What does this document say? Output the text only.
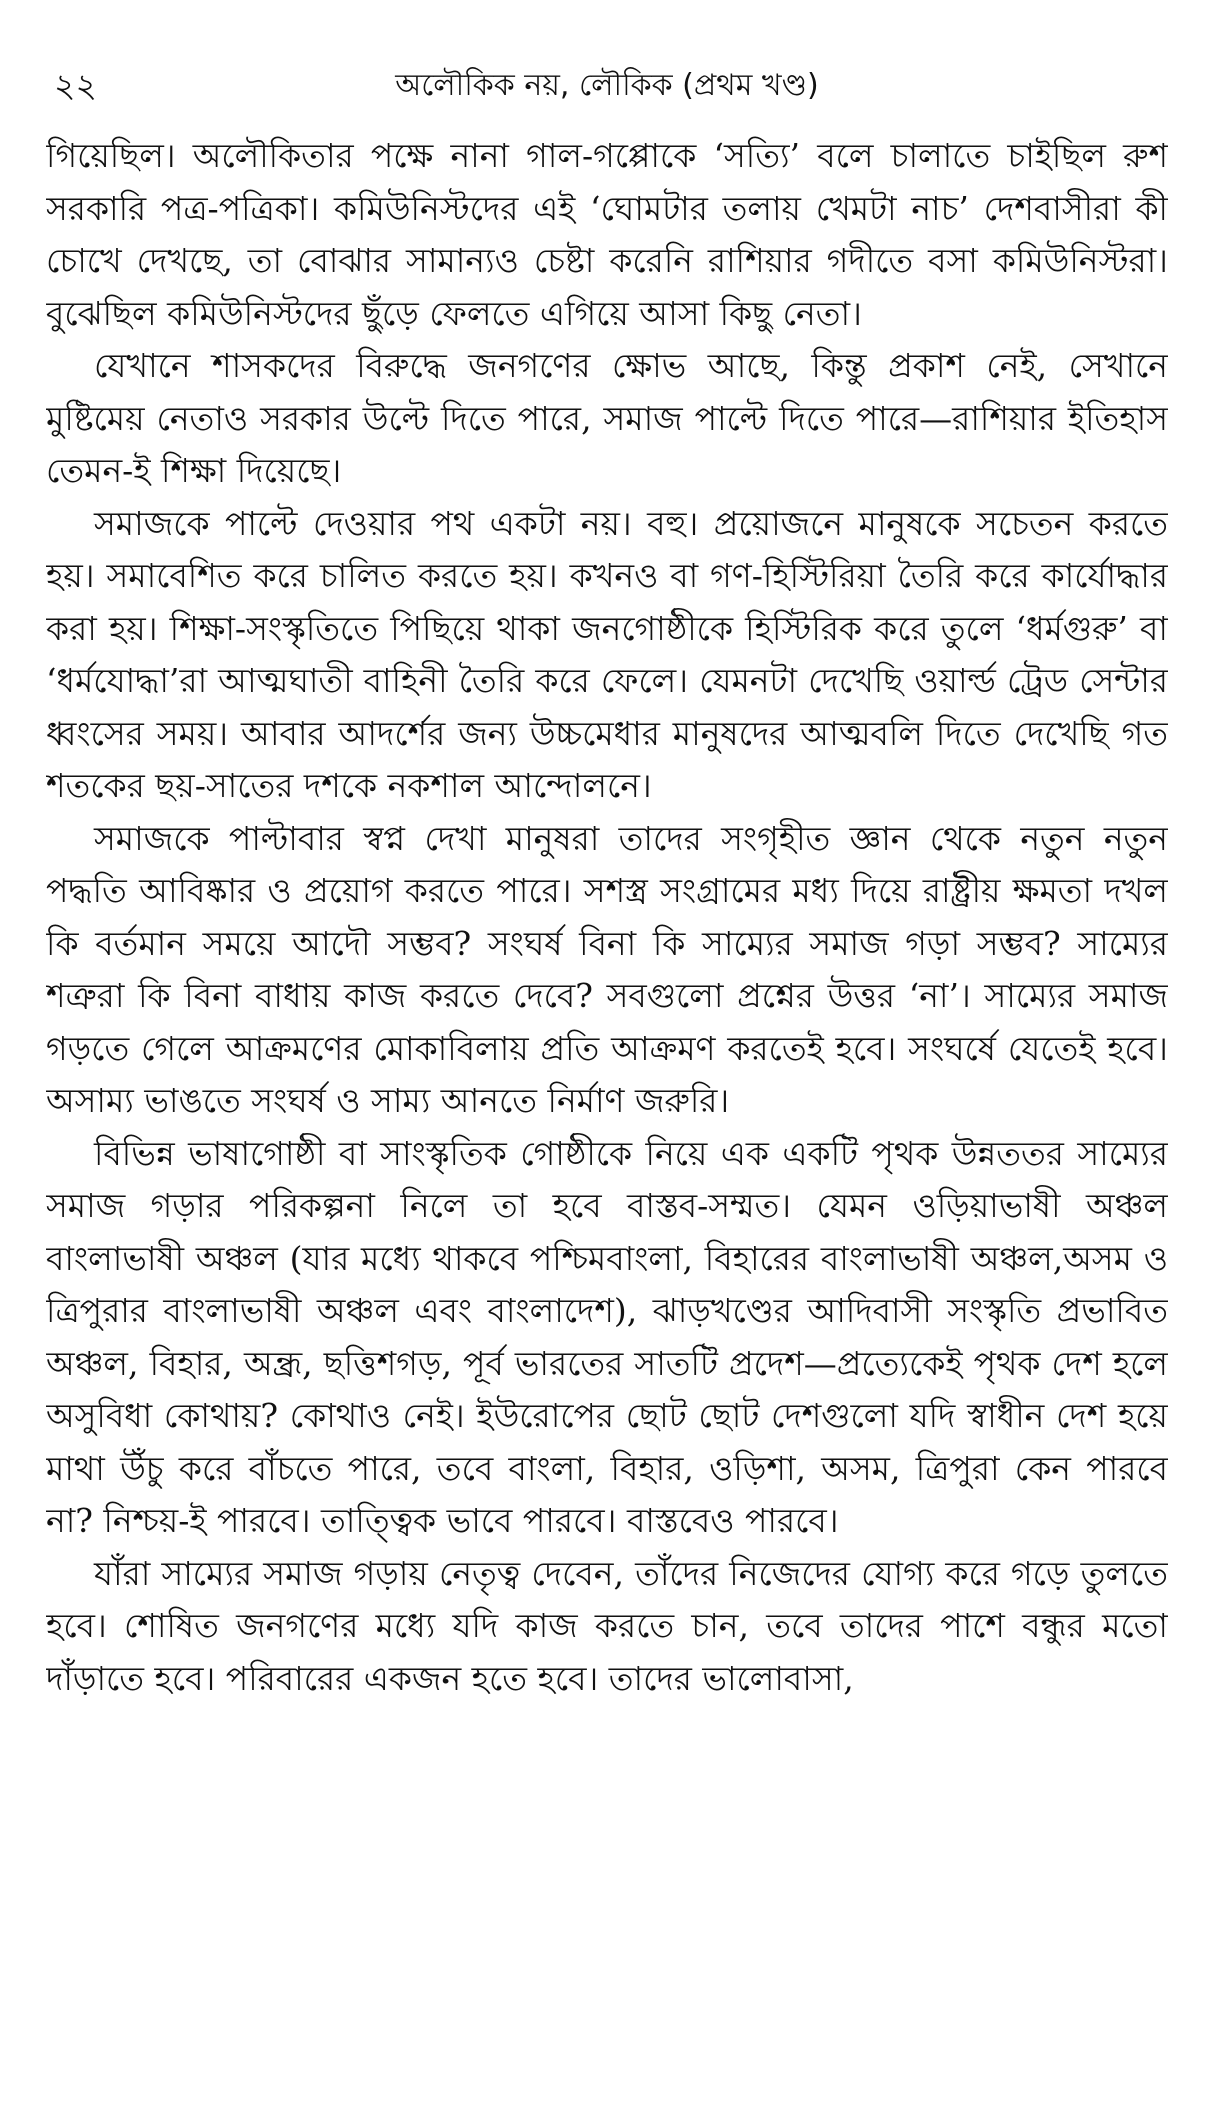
২২	অলৌকিক নয়, লৌকিক (প্রথম খণ্ড)

গিয়েছিল। অলৌকিতার পক্ষে নানা গাল-গপ্পোকে ‘সত্যি’ বলে চালাতে চাইছিল রুশ সরকারি পত্র-পত্রিকা। কমিউনিস্টদের এই ‘ঘোমটার তলায় খেমটা নাচ’ দেশবাসীরা কী চোখে দেখছে, তা বোঝার সামান্যও চেষ্টা করেনি রাশিয়ার গদীতে বসা কমিউনিস্টরা। বুঝেছিল কমিউনিস্টদের ছুঁড়ে ফেলতে এগিয়ে আসা কিছু নেতা।

যেখানে শাসকদের বিরুদ্ধে জনগণের ক্ষোভ আছে, কিন্তু প্রকাশ নেই, সেখানে মুষ্টিমেয় নেতাও সরকার উল্টে দিতে পারে, সমাজ পাল্টে দিতে পারে—রাশিয়ার ইতিহাস তেমন-ই শিক্ষা দিয়েছে।

সমাজকে পাল্টে দেওয়ার পথ একটা নয়। বহু। প্রয়োজনে মানুষকে সচেতন করতে হয়। সমাবেশিত করে চালিত করতে হয়। কখনও বা গণ-হিস্টিরিয়া তৈরি করে কার্যোদ্ধার করা হয়। শিক্ষা-সংস্কৃতিতে পিছিয়ে থাকা জনগোষ্ঠীকে হিস্টিরিক করে তুলে ‘ধর্মগুরু’ বা ‘ধর্মযোদ্ধা’রা আত্মঘাতী বাহিনী তৈরি করে ফেলে। যেমনটা দেখেছি ওয়ার্ল্ড ট্রেড সেন্টার ধ্বংসের সময়। আবার আদর্শের জন্য উচ্চমেধার মানুষদের আত্মবলি দিতে দেখেছি গত শতকের ছয়-সাতের দশকে নকশাল আন্দোলনে।

সমাজকে পাল্টাবার স্বপ্ন দেখা মানুষরা তাদের সংগৃহীত জ্ঞান থেকে নতুন নতুন পদ্ধতি আবিষ্কার ও প্রয়োগ করতে পারে। সশস্ত্র সংগ্রামের মধ্য দিয়ে রাষ্ট্রীয় ক্ষমতা দখল কি বর্তমান সময়ে আদৌ সম্ভব? সংঘর্ষ বিনা কি সাম্যের সমাজ গড়া সম্ভব? সাম্যের শত্রুরা কি বিনা বাধায় কাজ করতে দেবে? সবগুলো প্রশ্নের উত্তর ‘না’। সাম্যের সমাজ গড়তে গেলে আক্রমণের মোকাবিলায় প্রতি আক্রমণ করতেই হবে। সংঘর্ষে যেতেই হবে। অসাম্য ভাঙতে সংঘর্ষ ও সাম্য আনতে নির্মাণ জরুরি।

বিভিন্ন ভাষাগোষ্ঠী বা সাংস্কৃতিক গোষ্ঠীকে নিয়ে এক একটি পৃথক উন্নততর সাম্যের সমাজ গড়ার পরিকল্পনা নিলে তা হবে বাস্তব-সম্মত। যেমন ওড়িয়াভাষী অঞ্চল বাংলাভাষী অঞ্চল (যার মধ্যে থাকবে পশ্চিমবাংলা, বিহারের বাংলাভাষী অঞ্চল,অসম ও ত্রিপুরার বাংলাভাষী অঞ্চল এবং বাংলাদেশ), ঝাড়খণ্ডের আদিবাসী সংস্কৃতি প্রভাবিত অঞ্চল, বিহার, অন্ধ্র, ছত্তিশগড়, পূর্ব ভারতের সাতটি প্রদেশ—প্রত্যেকেই পৃথক দেশ হলে অসুবিধা কোথায়? কোথাও নেই। ইউরোপের ছোট ছোট দেশগুলো যদি স্বাধীন দেশ হয়ে মাথা উঁচু করে বাঁচতে পারে, তবে বাংলা, বিহার, ওড়িশা, অসম, ত্রিপুরা কেন পারবে না? নিশ্চয়-ই পারবে। তাত্ত্বিক ভাবে পারবে। বাস্তবেও পারবে।

যাঁরা সাম্যের সমাজ গড়ায় নেতৃত্ব দেবেন, তাঁদের নিজেদের যোগ্য করে গড়ে তুলতে হবে। শোষিত জনগণের মধ্যে যদি কাজ করতে চান, তবে তাদের পাশে বন্ধুর মতো দাঁড়াতে হবে। পরিবারের একজন হতে হবে। তাদের ভালোবাসা,
